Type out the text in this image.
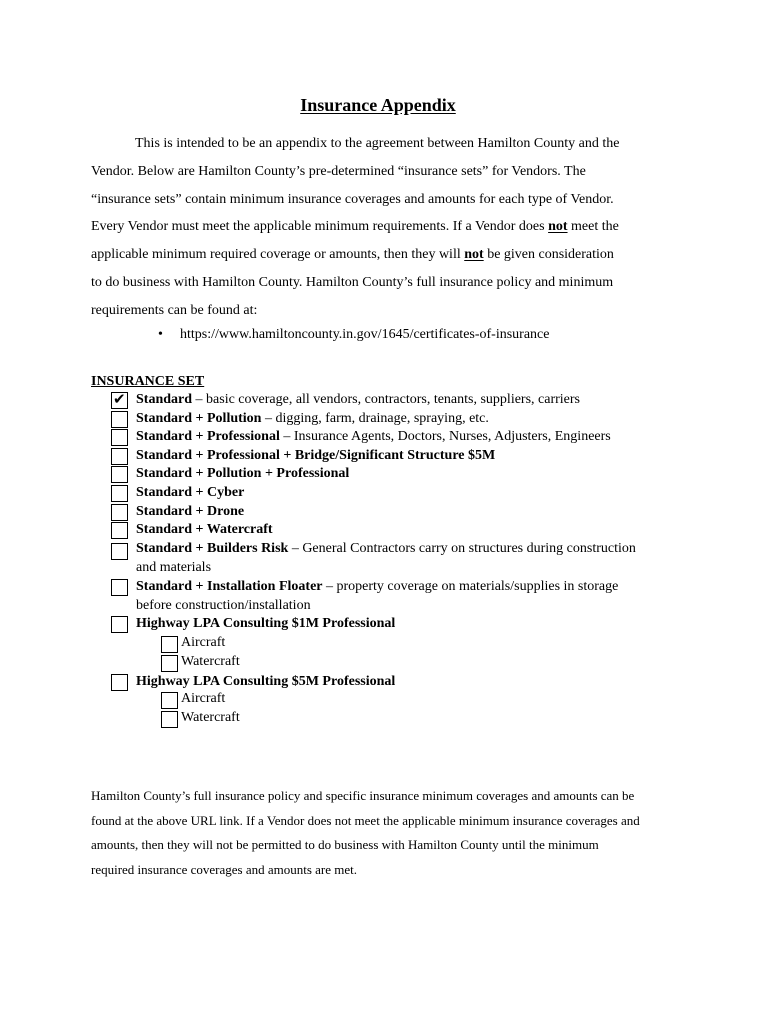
Insurance Appendix
This is intended to be an appendix to the agreement between Hamilton County and the
Vendor. Below are Hamilton County’s pre-determined “insurance sets” for Vendors. The
“insurance sets” contain minimum insurance coverages and amounts for each type of Vendor.
Every Vendor must meet the applicable minimum requirements. If a Vendor does not meet the
applicable minimum required coverage or amounts, then they will not be given consideration
to do business with Hamilton County. Hamilton County’s full insurance policy and minimum
requirements can be found at:
• https://www.hamiltoncounty.in.gov/1645/certificates-of-insurance
INSURANCE SET
✔ Standard – basic coverage, all vendors, contractors, tenants, suppliers, carriers
Standard + Pollution – digging, farm, drainage, spraying, etc.
Standard + Professional – Insurance Agents, Doctors, Nurses, Adjusters, Engineers
Standard + Professional + Bridge/Significant Structure $5M
Standard + Pollution + Professional
Standard + Cyber
Standard + Drone
Standard + Watercraft
Standard + Builders Risk – General Contractors carry on structures during construction
and materials
Standard + Installation Floater – property coverage on materials/supplies in storage
before construction/installation
Highway LPA Consulting $1M Professional
Aircraft
Watercraft
Highway LPA Consulting $5M Professional
Aircraft
Watercraft
Hamilton County’s full insurance policy and specific insurance minimum coverages and amounts can be
found at the above URL link. If a Vendor does not meet the applicable minimum insurance coverages and
amounts, then they will not be permitted to do business with Hamilton County until the minimum
required insurance coverages and amounts are met.
